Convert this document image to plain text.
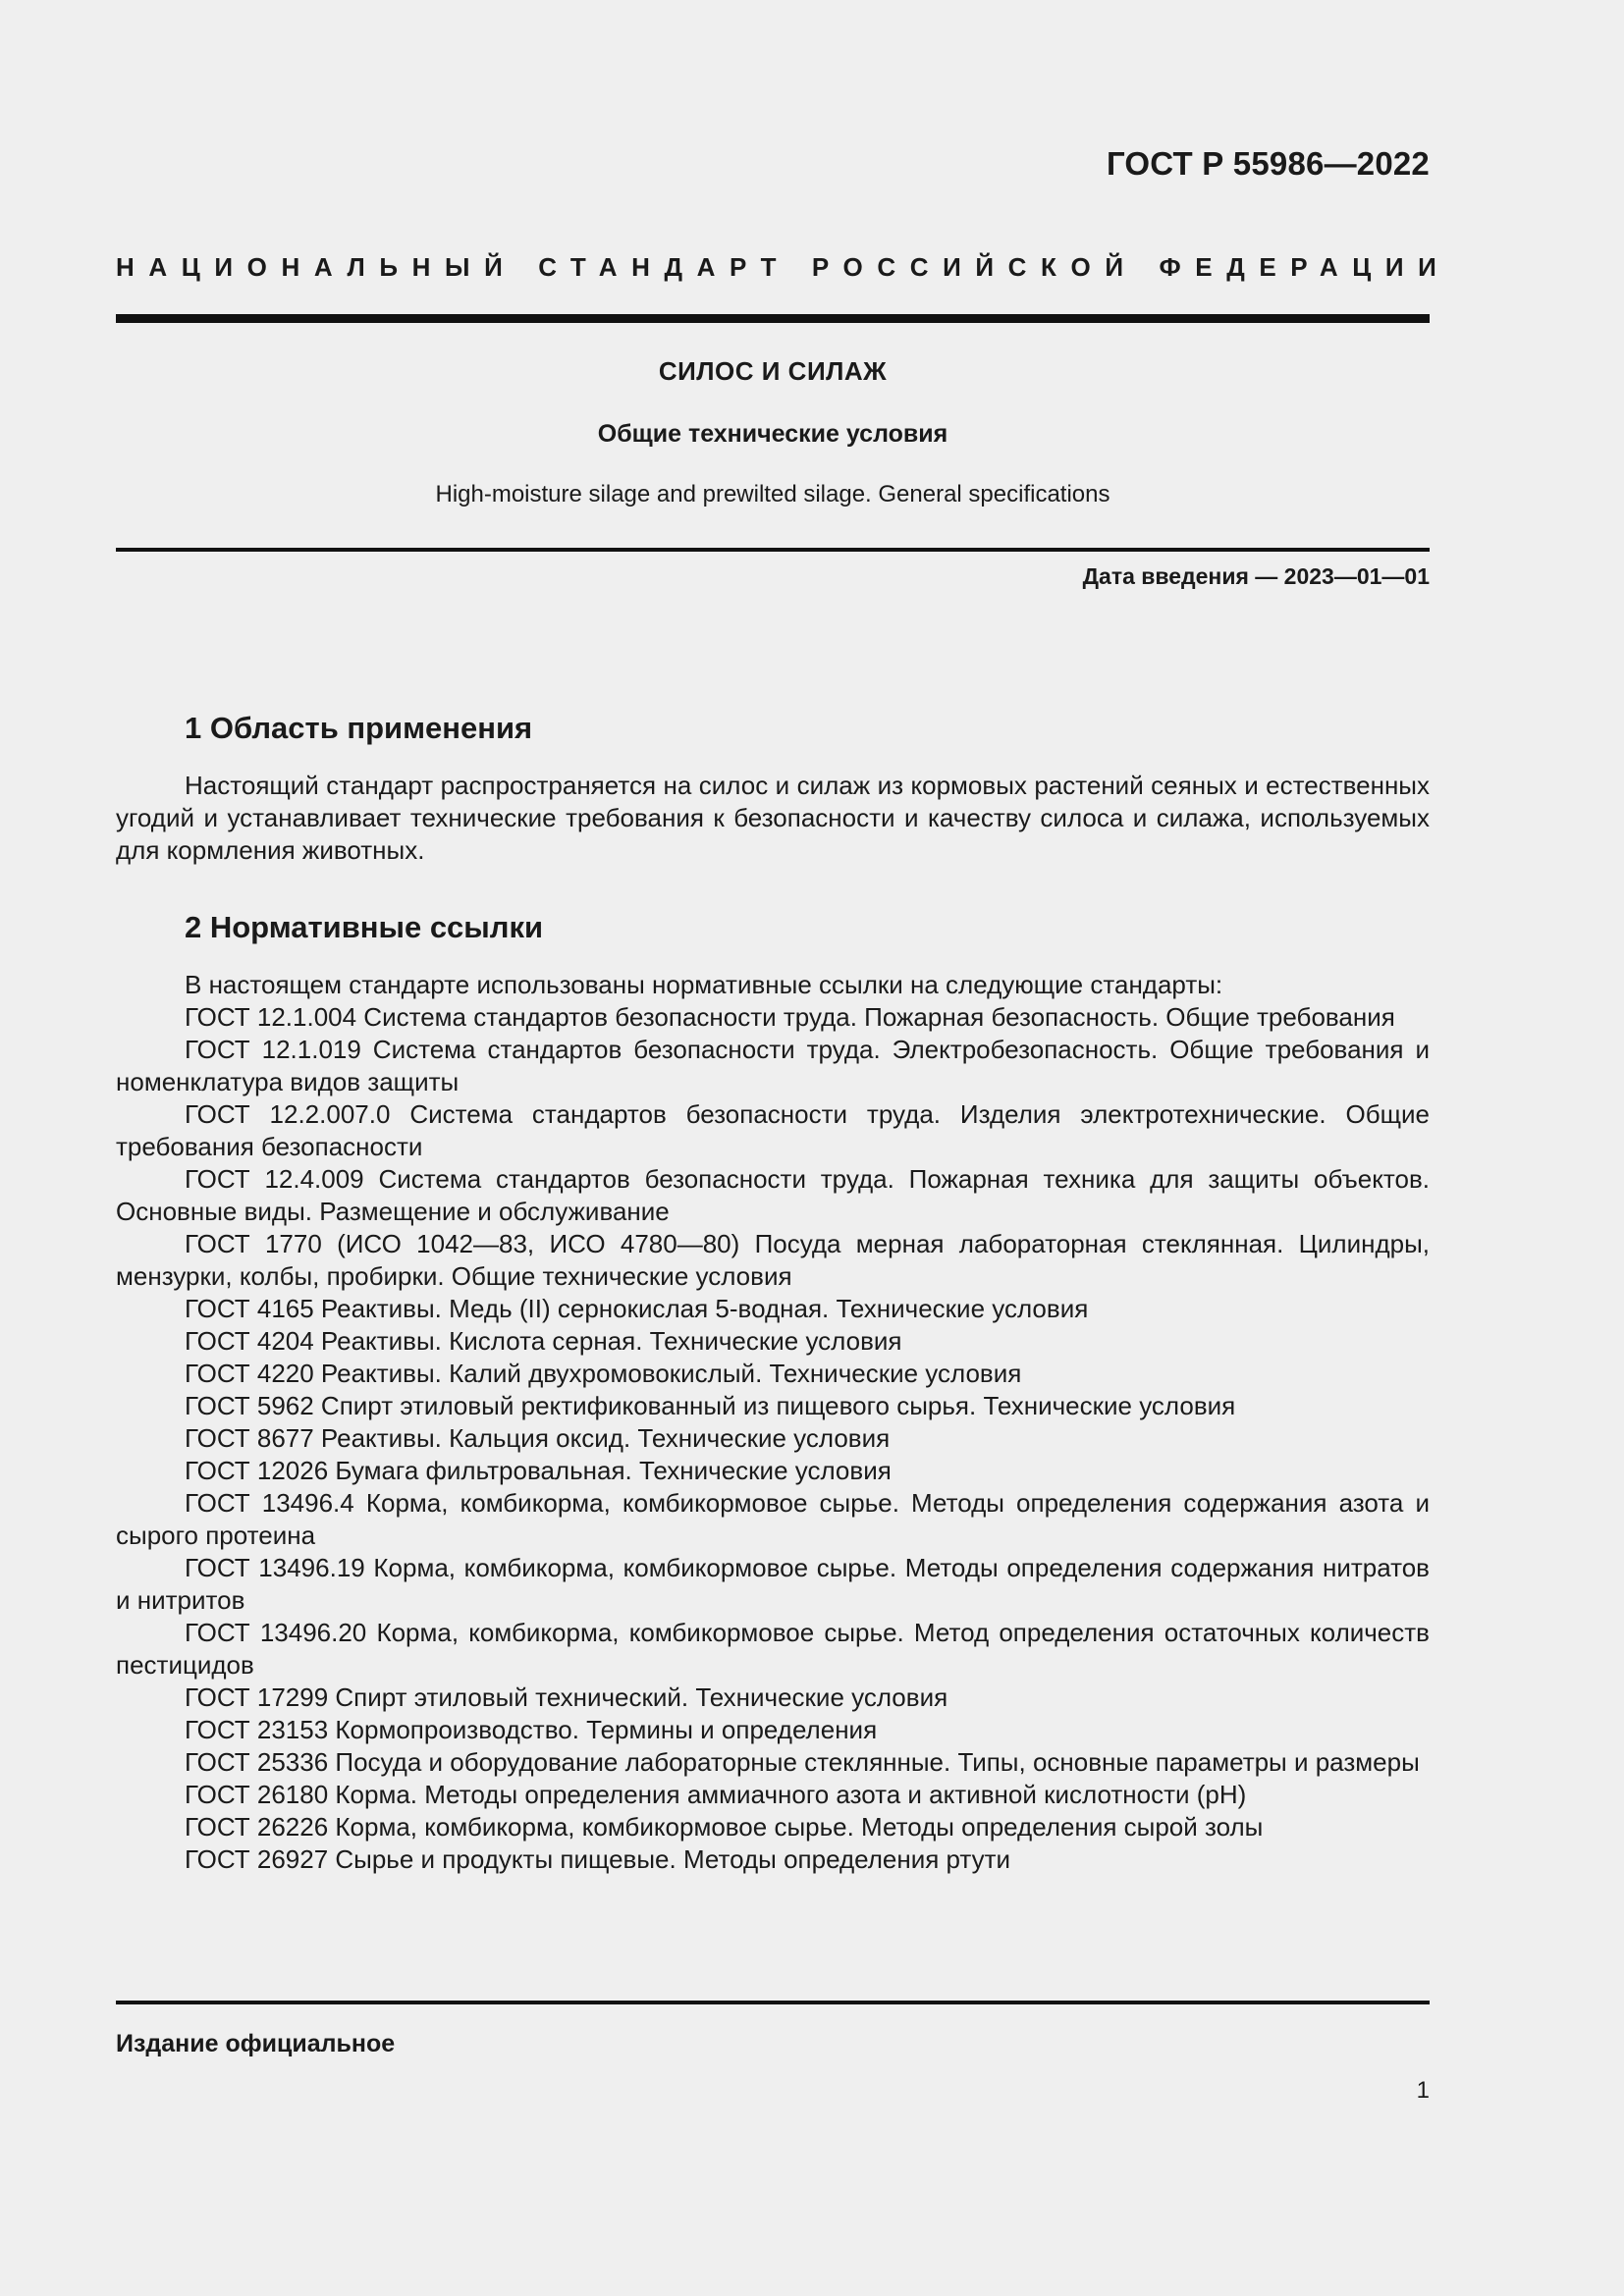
ГОСТ Р 55986—2022
НАЦИОНАЛЬНЫЙ СТАНДАРТ РОССИЙСКОЙ ФЕДЕРАЦИИ
СИЛОС И СИЛАЖ
Общие технические условия
High-moisture silage and prewilted silage. General specifications
Дата введения — 2023—01—01
1 Область применения
Настоящий стандарт распространяется на силос и силаж из кормовых растений сеяных и естественных угодий и устанавливает технические требования к безопасности и качеству силоса и силажа, используемых для кормления животных.
2 Нормативные ссылки

В настоящем стандарте использованы нормативные ссылки на следующие стандарты:

ГОСТ 12.1.004 Система стандартов безопасности труда. Пожарная безопасность. Общие требования

ГОСТ 12.1.019 Система стандартов безопасности труда. Электробезопасность. Общие требования и номенклатура видов защиты

ГОСТ 12.2.007.0 Система стандартов безопасности труда. Изделия электротехнические. Общие требования безопасности

ГОСТ 12.4.009 Система стандартов безопасности труда. Пожарная техника для защиты объектов. Основные виды. Размещение и обслуживание

ГОСТ 1770 (ИСО 1042—83, ИСО 4780—80) Посуда мерная лабораторная стеклянная. Цилиндры, мензурки, колбы, пробирки. Общие технические условия

ГОСТ 4165 Реактивы. Медь (II) сернокислая 5-водная. Технические условия

ГОСТ 4204 Реактивы. Кислота серная. Технические условия

ГОСТ 4220 Реактивы. Калий двухромовокислый. Технические условия

ГОСТ 5962 Спирт этиловый ректификованный из пищевого сырья. Технические условия

ГОСТ 8677 Реактивы. Кальция оксид. Технические условия

ГОСТ 12026 Бумага фильтровальная. Технические условия

ГОСТ 13496.4 Корма, комбикорма, комбикормовое сырье. Методы определения содержания азота и сырого протеина

ГОСТ 13496.19 Корма, комбикорма, комбикормовое сырье. Методы определения содержания нитратов и нитритов

ГОСТ 13496.20 Корма, комбикорма, комбикормовое сырье. Метод определения остаточных количеств пестицидов

ГОСТ 17299 Спирт этиловый технический. Технические условия

ГОСТ 23153 Кормопроизводство. Термины и определения

ГОСТ 25336 Посуда и оборудование лабораторные стеклянные. Типы, основные параметры и размеры

ГОСТ 26180 Корма. Методы определения аммиачного азота и активной кислотности (рН)

ГОСТ 26226 Корма, комбикорма, комбикормовое сырье. Методы определения сырой золы

ГОСТ 26927 Сырье и продукты пищевые. Методы определения ртути

Издание официальное
1
